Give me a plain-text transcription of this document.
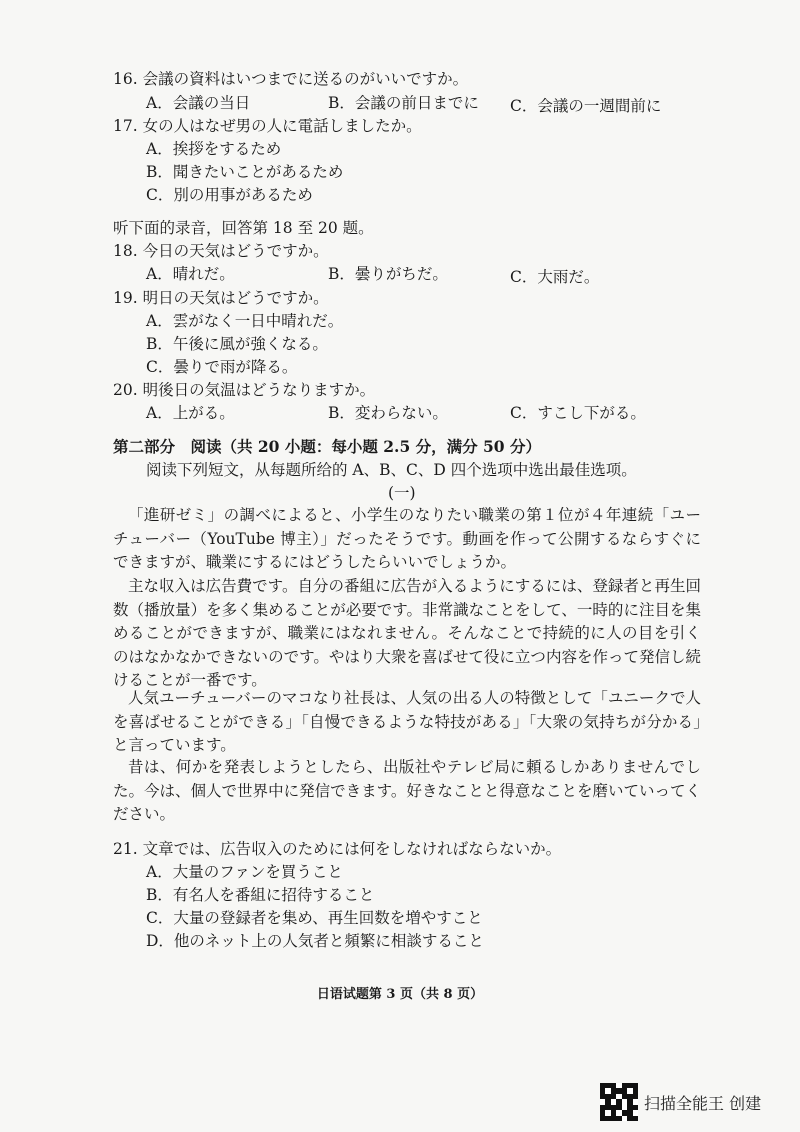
16. 会議の資料はいつまでに送るのがいいですか。
A．会議の当日	B．会議の前日までに C．会議の一週間前に
17. 女の人はなぜ男の人に電話しましたか。
A．挨拶をするため
B．聞きたいことがあるため
C．別の用事があるため
听下面的录音，回答第 18 至 20 题。
18. 今日の天気はどうですか。
A．晴れだ。	B．曇りがちだ。	C．大雨だ。
19. 明日の天気はどうですか。
A．雲がなく一日中晴れだ。
B．午後に風が強くなる。
C．曇りで雨が降る。
20. 明後日の気温はどうなりますか。
A．上がる。	B．変わらない。	C．すこし下がる。
第二部分　阅读（共 20 小题：每小题 2.5 分，满分 50 分）
阅读下列短文，从每题所给的 A、B、C、D 四个选项中选出最佳选项。
(一)
「進研ゼミ」の調べによると、小学生のなりたい職業の第１位が４年連続「ユーチューバー（YouTube 博主）」だったそうです。動画を作って公開するならすぐにできますが、職業にするにはどうしたらいいでしょうか。
主な収入は広告費です。自分の番組に広告が入るようにするには、登録者と再生回数（播放量）を多く集めることが必要です。非常識なことをして、一時的に注目を集めることができますが、職業にはなれません。そんなことで持続的に人の目を引くのはなかなかできないのです。やはり大衆を喜ばせて役に立つ内容を作って発信し続けることが一番です。
人気ユーチューバーのマコなり社長は、人気の出る人の特徴として「ユニークで人を喜ばせることができる」「自慢できるような特技がある」「大衆の気持ちが分かる」と言っています。
昔は、何かを発表しようとしたら、出版社やテレビ局に頼るしかありませんでした。今は、個人で世界中に発信できます。好きなことと得意なことを磨いていってください。
21. 文章では、広告収入のためには何をしなければならないか。
A．大量のファンを買うこと
B．有名人を番組に招待すること
C．大量の登録者を集め、再生回数を増やすこと
D．他のネット上の人気者と頻繁に相談すること
日语试题第 3 页（共 8 页）
扫描全能王 创建
